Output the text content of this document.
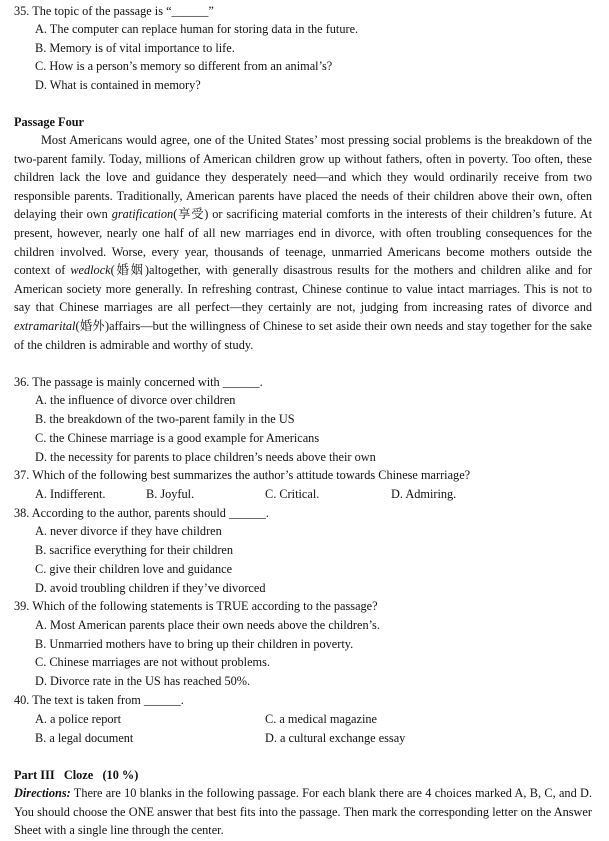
35. The topic of the passage is “______”
A. The computer can replace human for storing data in the future.
B. Memory is of vital importance to life.
C. How is a person’s memory so different from an animal’s?
D. What is contained in memory?
Passage Four
Most Americans would agree, one of the United States’ most pressing social problems is the breakdown of the two-parent family. Today, millions of American children grow up without fathers, often in poverty. Too often, these children lack the love and guidance they desperately need—and which they would ordinarily receive from two responsible parents. Traditionally, American parents have placed the needs of their children above their own, often delaying their own gratification(享受) or sacrificing material comforts in the interests of their children’s future. At present, however, nearly one half of all new marriages end in divorce, with often troubling consequences for the children involved. Worse, every year, thousands of teenage, unmarried Americans become mothers outside the context of wedlock(婚姻)altogether, with generally disastrous results for the mothers and children alike and for American society more generally. In refreshing contrast, Chinese continue to value intact marriages. This is not to say that Chinese marriages are all perfect—they certainly are not, judging from increasing rates of divorce and extramarital(婚外)affairs—but the willingness of Chinese to set aside their own needs and stay together for the sake of the children is admirable and worthy of study.
36. The passage is mainly concerned with ______.
A. the influence of divorce over children
B. the breakdown of the two-parent family in the US
C. the Chinese marriage is a good example for Americans
D. the necessity for parents to place children’s needs above their own
37. Which of the following best summarizes the author’s attitude towards Chinese marriage?
A. Indifferent.	B. Joyful.	C. Critical.	D. Admiring.
38. According to the author, parents should ______.
A. never divorce if they have children
B. sacrifice everything for their children
C. give their children love and guidance
D. avoid troubling children if they’ve divorced
39. Which of the following statements is TRUE according to the passage?
A. Most American parents place their own needs above the children’s.
B. Unmarried mothers have to bring up their children in poverty.
C. Chinese marriages are not without problems.
D. Divorce rate in the US has reached 50%.
40. The text is taken from ______.
A. a police report	C. a medical magazine
B. a legal document	D. a cultural exchange essay
Part III   Cloze   (10 %)
Directions: There are 10 blanks in the following passage. For each blank there are 4 choices marked A, B, C, and D. You should choose the ONE answer that best fits into the passage. Then mark the corresponding letter on the Answer Sheet with a single line through the center.
